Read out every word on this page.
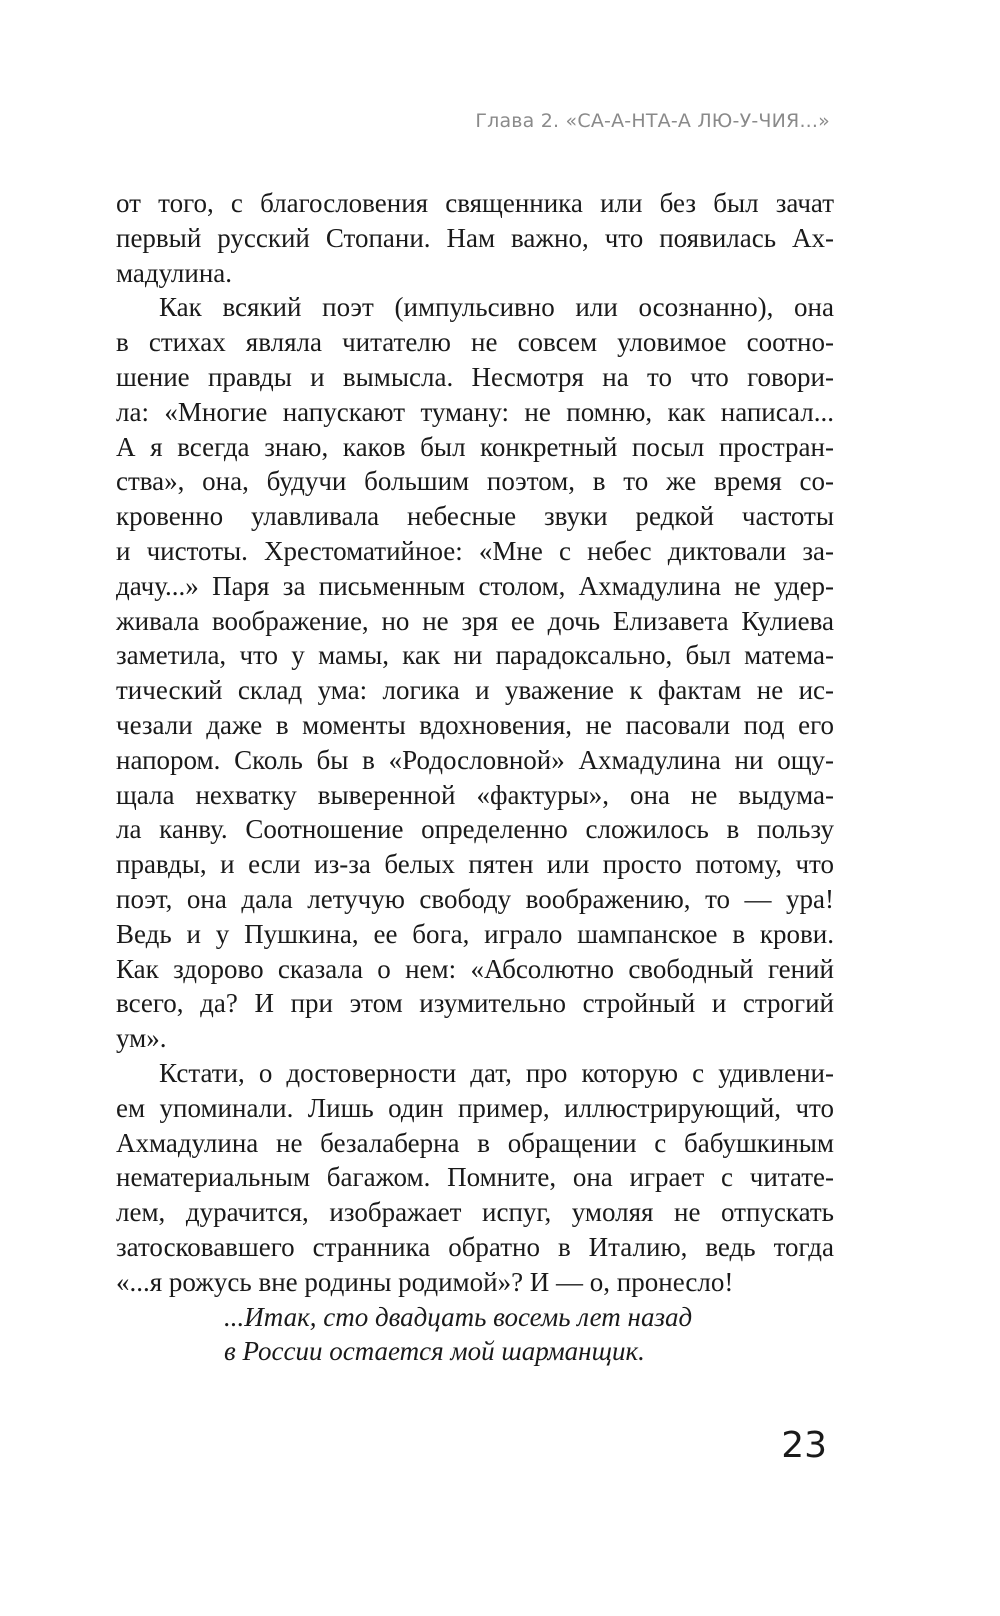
Глава 2. «СА-А-НТА-А ЛЮ-У-ЧИЯ...»
от того, с благословения священника или без был зачат
первый русский Стопани. Нам важно, что появилась Ах-
мадулина.
Как всякий поэт (импульсивно или осознанно), она
в стихах являла читателю не совсем уловимое соотно-
шение правды и вымысла. Несмотря на то что говори-
ла: «Многие напускают туману: не помню, как написал...
А я всегда знаю, каков был конкретный посыл простран-
ства», она, будучи большим поэтом, в то же время со-
кровенно улавливала небесные звуки редкой частоты
и чистоты. Хрестоматийное: «Мне с небес диктовали за-
дачу...» Паря за письменным столом, Ахмадулина не удер-
живала воображение, но не зря ее дочь Елизавета Кулиева
заметила, что у мамы, как ни парадоксально, был матема-
тический склад ума: логика и уважение к фактам не ис-
чезали даже в моменты вдохновения, не пасовали под его
напором. Сколь бы в «Родословной» Ахмадулина ни ощу-
щала нехватку выверенной «фактуры», она не выдума-
ла канву. Соотношение определенно сложилось в пользу
правды, и если из-за белых пятен или просто потому, что
поэт, она дала летучую свободу воображению, то — ура!
Ведь и у Пушкина, ее бога, играло шампанское в крови.
Как здорово сказала о нем: «Абсолютно свободный гений
всего, да? И при этом изумительно стройный и строгий
ум».
Кстати, о достоверности дат, про которую с удивлени-
ем упоминали. Лишь один пример, иллюстрирующий, что
Ахмадулина не безалаберна в обращении с бабушкиным
нематериальным багажом. Помните, она играет с читате-
лем, дурачится, изображает испуг, умоляя не отпускать
затосковавшего странника обратно в Италию, ведь тогда
«...я рожусь вне родины родимой»? И — о, пронесло!
...Итак, сто двадцать восемь лет назад
в России остается мой шарманщик.
23
